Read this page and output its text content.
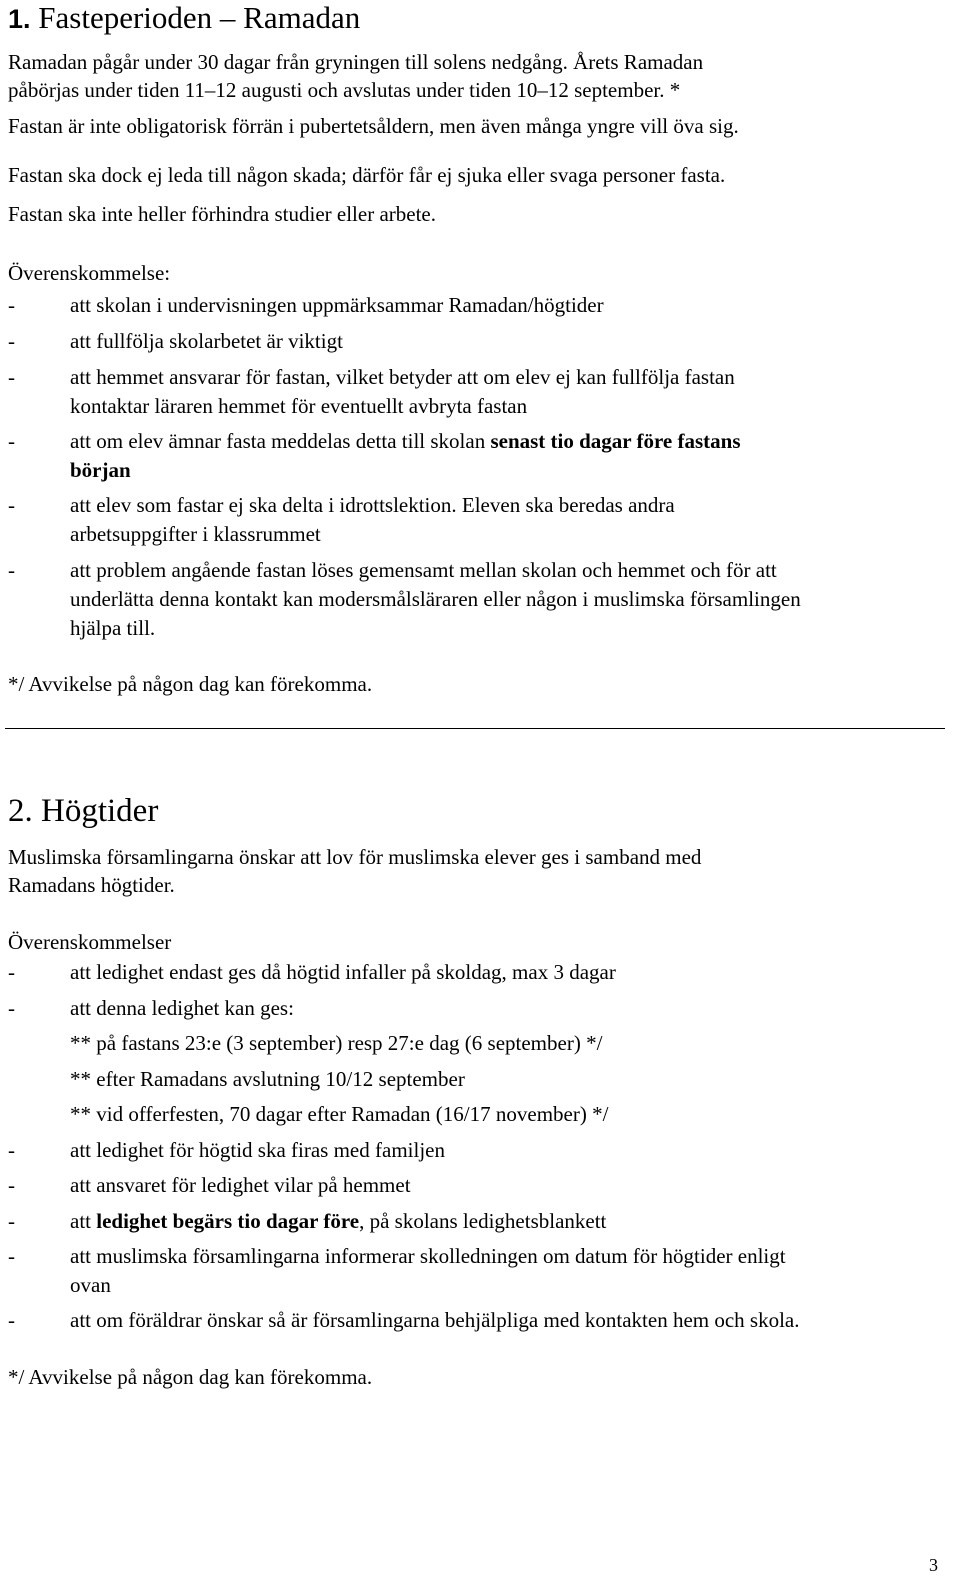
1. Fasteperioden – Ramadan
Ramadan pågår under 30 dagar från gryningen till solens nedgång. Årets Ramadan
påbörjas under tiden 11–12 augusti och avslutas under tiden 10–12 september. *
Fastan är inte obligatorisk förrän i pubertetsåldern, men även många yngre vill öva sig.
Fastan ska dock ej leda till någon skada; därför får ej sjuka eller svaga personer fasta.
Fastan ska inte heller förhindra studier eller arbete.
Överenskommelse:
-	att skolan i undervisningen uppmärksammar Ramadan/högtider
-	att fullfölja skolarbetet är viktigt
-	att hemmet ansvarar för fastan, vilket betyder att om elev ej kan fullfölja fastan
kontaktar läraren hemmet för eventuellt avbryta fastan
-	att om elev ämnar fasta meddelas detta till skolan senast tio dagar före fastans
början
-	att elev som fastar ej ska delta i idrottslektion. Eleven ska beredas andra
arbetsuppgifter i klassrummet
-	att problem angående fastan löses gemensamt mellan skolan och hemmet och för att
underlätta denna kontakt kan modersmålsläraren eller någon i muslimska församlingen
hjälpa till.
*/ Avvikelse på någon dag kan förekomma.
2. Högtider
Muslimska församlingarna önskar att lov för muslimska elever ges i samband med
Ramadans högtider.
Överenskommelser
-	att ledighet endast ges då högtid infaller på skoldag, max 3 dagar
-	att denna ledighet kan ges:
** på fastans 23:e (3 september) resp 27:e dag (6 september) */
** efter Ramadans avslutning 10/12 september
** vid offerfesten, 70 dagar efter Ramadan (16/17 november) */
-	att ledighet för högtid ska firas med familjen
-	att ansvaret för ledighet vilar på hemmet
-	att ledighet begärs tio dagar före, på skolans ledighetsblankett
-	att muslimska församlingarna informerar skolledningen om datum för högtider enligt
ovan
-	att om föräldrar önskar så är församlingarna behjälpliga med kontakten hem och skola.
*/ Avvikelse på någon dag kan förekomma.
3
